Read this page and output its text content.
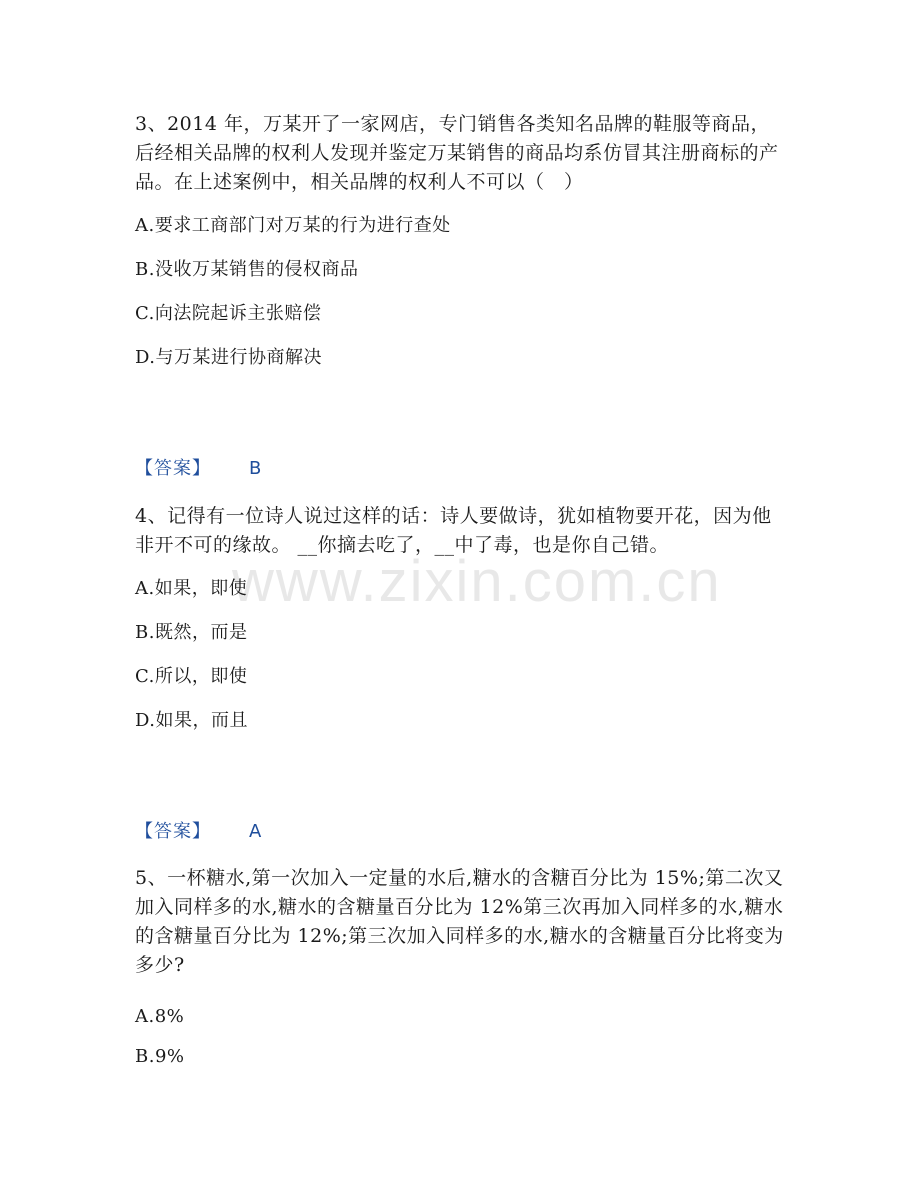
www.zixin.com.cn

3、2014 年，万某开了一家网店，专门销售各类知名品牌的鞋服等商品，后经相关品牌的权利人发现并鉴定万某销售的商品均系仿冒其注册商标的产品。在上述案例中，相关品牌的权利人不可以（　）

A.要求工商部门对万某的行为进行查处
B.没收万某销售的侵权商品
C.向法院起诉主张赔偿
D.与万某进行协商解决
【答案】 B

4、记得有一位诗人说过这样的话：诗人要做诗，犹如植物要开花，因为他非开不可的缘故。 __你摘去吃了，__中了毒，也是你自己错。

A.如果，即使
B.既然，而是
C.所以，即使
D.如果，而且
【答案】 A

5、一杯糖水,第一次加入一定量的水后,糖水的含糖百分比为 15%;第二次又加入同样多的水,糖水的含糖量百分比为 12%第三次再加入同样多的水,糖水的含糖量百分比为 12%;第三次加入同样多的水,糖水的含糖量百分比将变为多少?

A.8%
B.9%
